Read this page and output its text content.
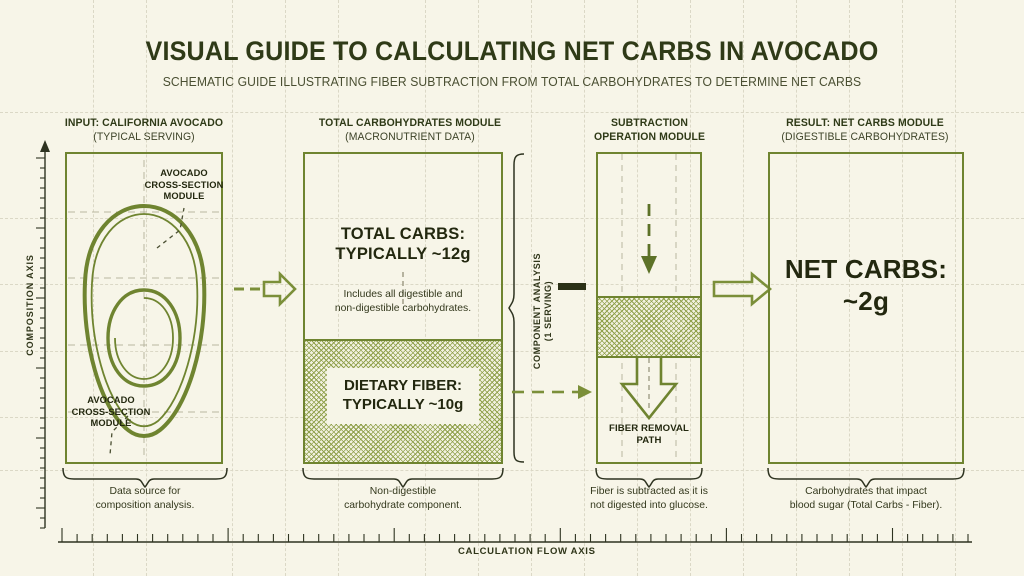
VISUAL GUIDE TO CALCULATING NET CARBS IN AVOCADO
SCHEMATIC GUIDE ILLUSTRATING FIBER SUBTRACTION FROM TOTAL CARBOHYDRATES TO DETERMINE NET CARBS
INPUT: CALIFORNIA AVOCADO
(TYPICAL SERVING)
TOTAL CARBOHYDRATES MODULE
(MACRONUTRIENT DATA)
SUBTRACTION
OPERATION MODULE
RESULT: NET CARBS MODULE
(DIGESTIBLE CARBOHYDRATES)
AVOCADO
CROSS-SECTION
MODULE
AVOCADO
CROSS-SECTION
MODULE
Data source for
composition analysis.
TOTAL CARBS:
TYPICALLY ~12g
Includes all digestible and
non-digestible carbohydrates.
DIETARY FIBER:
TYPICALLY ~10g
Non-digestible
carbohydrate component.
COMPONENT ANALYSIS
(1 SERVING)
FIBER REMOVAL
PATH
Fiber is subtracted as it is
not digested into glucose.
NET CARBS:
~2g
Carbohydrates that impact
blood sugar (Total Carbs - Fiber).
COMPOSITION AXIS
CALCULATION FLOW AXIS
